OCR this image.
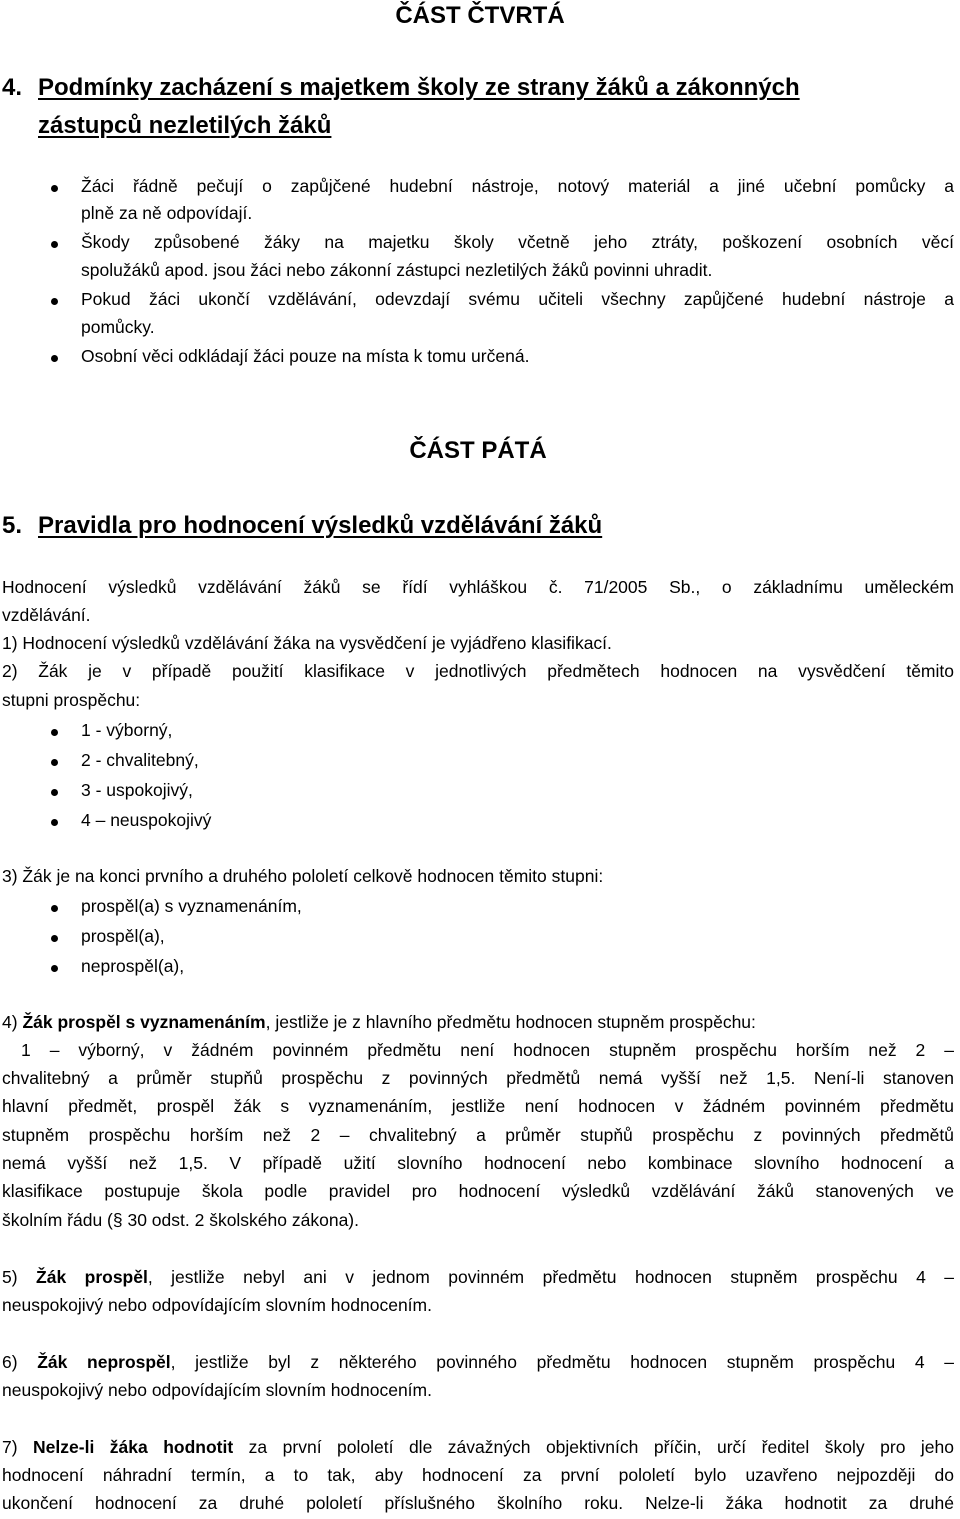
ČÁST ČTVRTÁ
4. Podmínky zacházení s majetkem školy ze strany žáků a zákonných
zástupců nezletilých žáků
Žáci řádně pečují o zapůjčené hudební nástroje, notový materiál a jiné učební pomůcky a
plně za ně odpovídají.
Škody způsobené žáky na majetku školy včetně jeho ztráty, poškození osobních věcí
spolužáků apod. jsou žáci nebo zákonní zástupci nezletilých žáků povinni uhradit.
Pokud žáci ukončí vzdělávání, odevzdají svému učiteli všechny zapůjčené hudební nástroje a
pomůcky.
Osobní věci odkládají žáci pouze na místa k tomu určená.
ČÁST PÁTÁ
5. Pravidla pro hodnocení výsledků vzdělávání žáků
Hodnocení výsledků vzdělávání žáků se řídí vyhláškou č. 71/2005 Sb., o základnímu uměleckém
vzdělávání.
1) Hodnocení výsledků vzdělávání žáka na vysvědčení je vyjádřeno klasifikací.
2) Žák je v případě použití klasifikace v jednotlivých předmětech hodnocen na vysvědčení těmito
stupni prospěchu:
1 - výborný,
2 - chvalitebný,
3 - uspokojivý,
4 – neuspokojivý
3) Žák je na konci prvního a druhého pololetí celkově hodnocen těmito stupni:
prospěl(a) s vyznamenáním,
prospěl(a),
neprospěl(a),
4) Žák prospěl s vyznamenáním, jestliže je z hlavního předmětu hodnocen stupněm prospěchu:
1 – výborný, v žádném povinném předmětu není hodnocen stupněm prospěchu horším než 2 –
chvalitebný a průměr stupňů prospěchu z povinných předmětů nemá vyšší než 1,5. Není-li stanoven
hlavní předmět, prospěl žák s vyznamenáním, jestliže není hodnocen v žádném povinném předmětu
stupněm prospěchu horším než 2 – chvalitebný a průměr stupňů prospěchu z povinných předmětů
nemá vyšší než 1,5. V případě užití slovního hodnocení nebo kombinace slovního hodnocení a
klasifikace postupuje škola podle pravidel pro hodnocení výsledků vzdělávání žáků stanovených ve
školním řádu (§ 30 odst. 2 školského zákona).
5) Žák prospěl, jestliže nebyl ani v jednom povinném předmětu hodnocen stupněm prospěchu 4 –
neuspokojivý nebo odpovídajícím slovním hodnocením.
6) Žák neprospěl, jestliže byl z některého povinného předmětu hodnocen stupněm prospěchu 4 –
neuspokojivý nebo odpovídajícím slovním hodnocením.
7) Nelze-li žáka hodnotit za první pololetí dle závažných objektivních příčin, určí ředitel školy pro jeho
hodnocení náhradní termín, a to tak, aby hodnocení za první pololetí bylo uzavřeno nejpozději do
ukončení hodnocení za druhé pololetí příslušného školního roku. Nelze-li žáka hodnotit za druhé
